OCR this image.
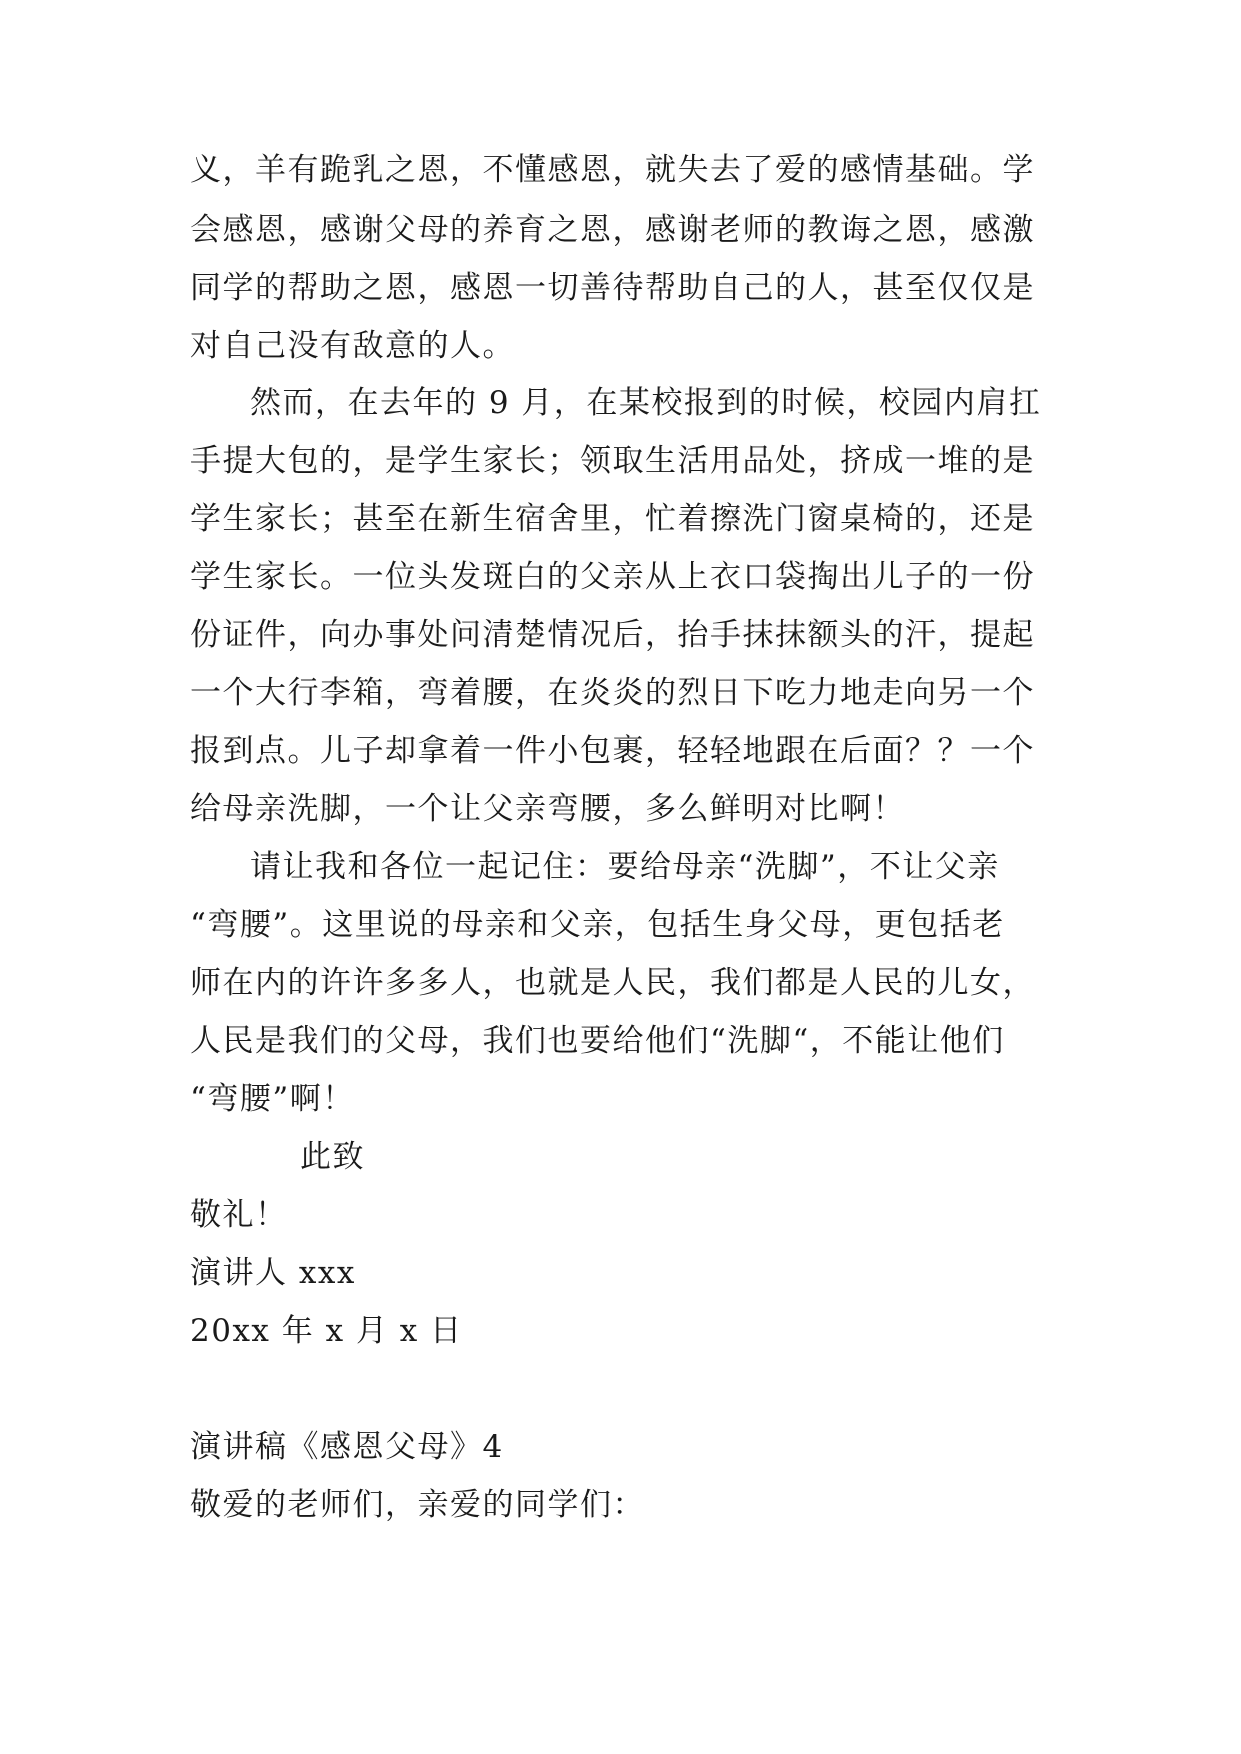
义，羊有跪乳之恩，不懂感恩，就失去了爱的感情基础。学
会感恩，感谢父母的养育之恩，感谢老师的教诲之恩，感激
同学的帮助之恩，感恩一切善待帮助自己的人，甚至仅仅是
对自己没有敌意的人。
然而，在去年的 9 月，在某校报到的时候，校园内肩扛
手提大包的，是学生家长；领取生活用品处，挤成一堆的是
学生家长；甚至在新生宿舍里，忙着擦洗门窗桌椅的，还是
学生家长。一位头发斑白的父亲从上衣口袋掏出儿子的一份
份证件，向办事处问清楚情况后，抬手抹抹额头的汗，提起
一个大行李箱，弯着腰，在炎炎的烈日下吃力地走向另一个
报到点。儿子却拿着一件小包裹，轻轻地跟在后面？？一个
给母亲洗脚，一个让父亲弯腰，多么鲜明对比啊！
请让我和各位一起记住：要给母亲“洗脚”，不让父亲
“弯腰”。这里说的母亲和父亲，包括生身父母，更包括老
师在内的许许多多人，也就是人民，我们都是人民的儿女，
人民是我们的父母，我们也要给他们“洗脚“，不能让他们
“弯腰”啊！
此致
敬礼！
演讲人 xxx
20xx 年 x 月 x 日
演讲稿《感恩父母》4
敬爱的老师们，亲爱的同学们：
